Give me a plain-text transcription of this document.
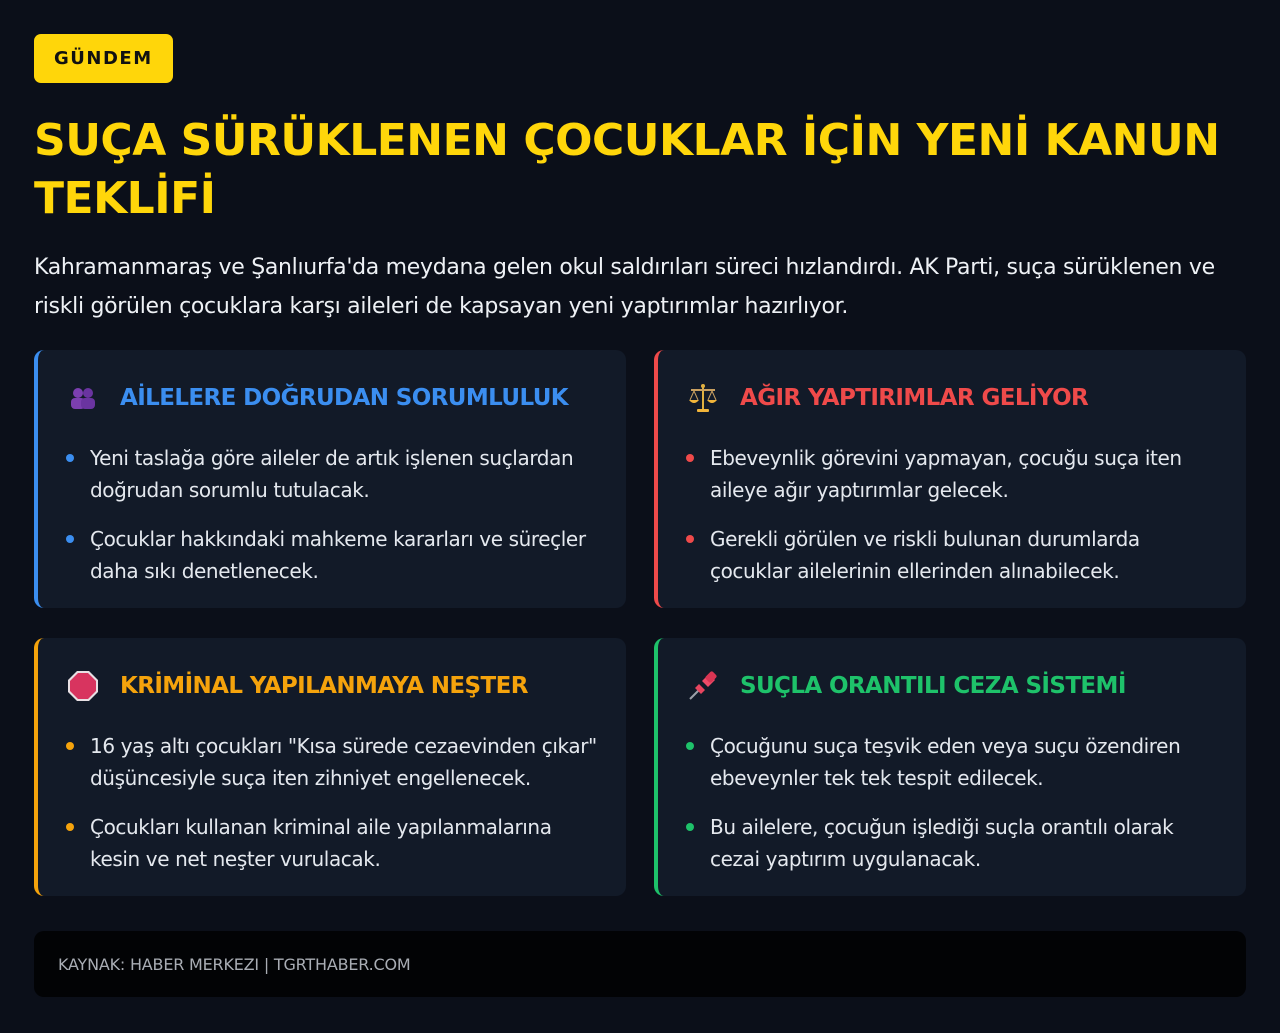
GÜNDEM
SUÇA SÜRÜKLENEN ÇOCUKLAR İÇİN YENİ KANUN TEKLİFİ

Kahramanmaraş ve Şanlıurfa'da meydana gelen okul saldırıları süreci hızlandırdı. AK Parti, suça sürüklenen ve riskli görülen çocuklara karşı aileleri de kapsayan yeni yaptırımlar hazırlıyor.

AİLELERE DOĞRUDAN SORUMLULUK
Yeni taslağa göre aileler de artık işlenen suçlardan doğrudan sorumlu tutulacak.
Çocuklar hakkındaki mahkeme kararları ve süreçler daha sıkı denetlenecek.
AĞIR YAPTIRIMLAR GELİYOR
Ebeveynlik görevini yapmayan, çocuğu suça iten aileye ağır yaptırımlar gelecek.
Gerekli görülen ve riskli bulunan durumlarda çocuklar ailelerinin ellerinden alınabilecek.
KRİMİNAL YAPILANMAYA NEŞTER
16 yaş altı çocukları "Kısa sürede cezaevinden çıkar" düşüncesiyle suça iten zihniyet engellenecek.
Çocukları kullanan kriminal aile yapılanmalarına kesin ve net neşter vurulacak.
SUÇLA ORANTILI CEZA SİSTEMİ
Çocuğunu suça teşvik eden veya suçu özendiren ebeveynler tek tek tespit edilecek.
Bu ailelere, çocuğun işlediği suçla orantılı olarak cezai yaptırım uygulanacak.
KAYNAK: HABER MERKEZI | TGRTHABER.COM
